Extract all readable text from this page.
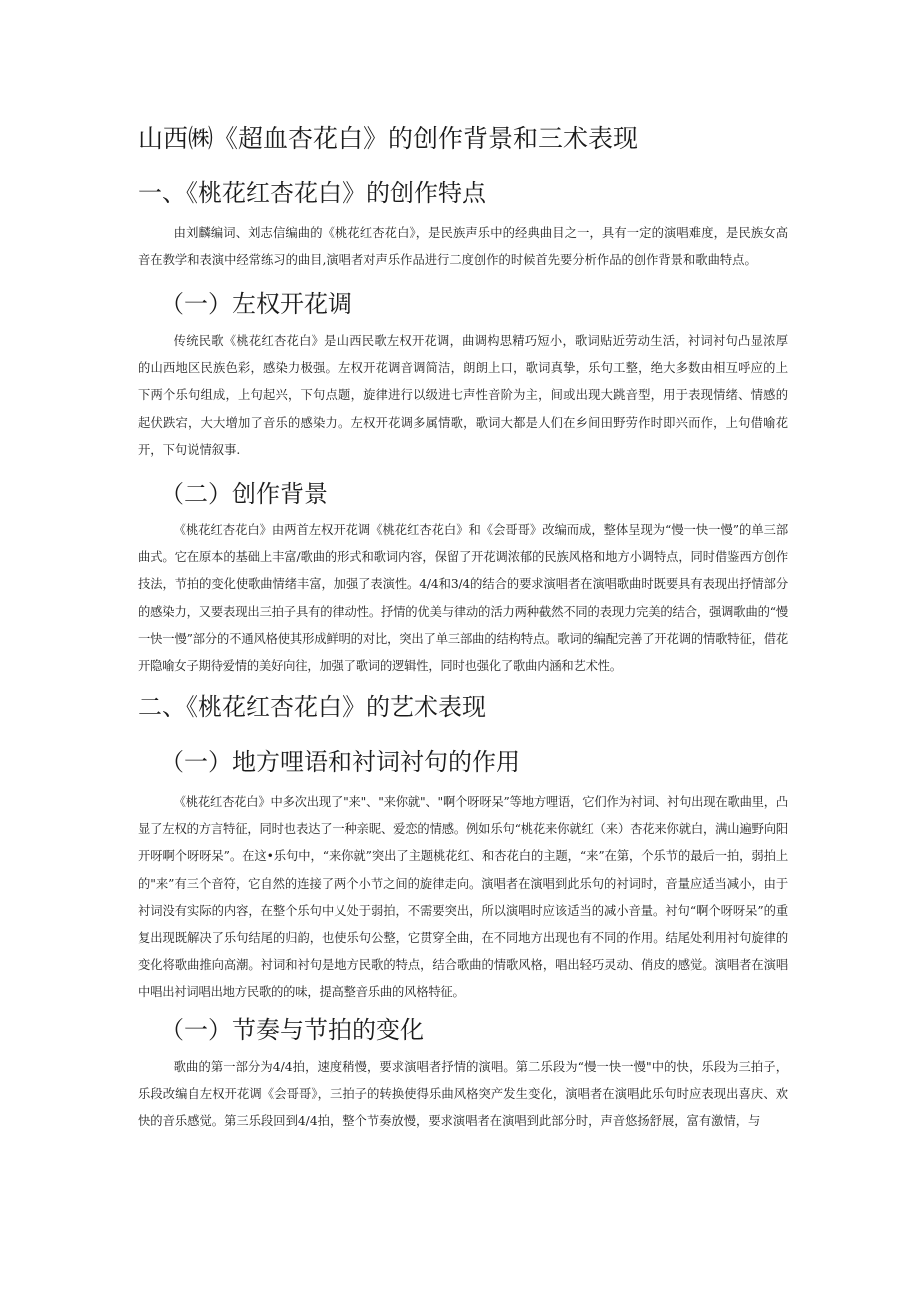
山西㈱《超血杏花白》的创作背景和三术表现
一、《桃花红杏花白》的创作特点
由刘麟编词、刘志信编曲的《桃花红杏花白》，是民族声乐中的经典曲目之一，具有一定的演唱难度，是民族女高音在教学和表演中经常练习的曲目,演唱者对声乐作品进行二度创作的时候首先要分析作品的创作背景和歌曲特点。
（一）左权开花调
传统民歌《桃花红杏花白》是山西民歌左权开花调，曲调构思精巧短小，歌词贴近劳动生活，衬词衬句凸显浓厚的山西地区民族色彩，感染力极强。左权开花调音调简洁，朗朗上口，歌词真挚，乐句工整，绝大多数由相互呼应的上下两个乐句组成，上句起兴，下句点题，旋律进行以级进七声性音阶为主，间或出现大跳音型，用于表现情绪、情感的起伏跌宕，大大增加了音乐的感染力。左权开花调多属情歌，歌词大都是人们在乡间田野劳作时即兴而作，上句借喻花开，下句说情叙事.
（二）创作背景
《桃花红杏花白》由两首左权开花调《桃花红杏花白》和《会哥哥》改编而成，整体呈现为“慢一快一慢”的单三部曲式。它在原本的基础上丰富/歌曲的形式和歌词内容，保留了开花调浓郁的民族风格和地方小调特点，同时借鉴西方创作技法，节拍的变化使歌曲情绪丰富，加强了表演性。4/4和3/4的结合的要求演唱者在演唱歌曲时既要具有表现出抒情部分的感染力，又要表现出三拍子具有的律动性。抒情的优美与律动的活力两种截然不同的表现力完美的结合，强调歌曲的“慢一快一慢”部分的不通风格使其形成鲜明的对比，突出了单三部曲的结构特点。歌词的编配完善了开花调的情歌特征，借花开隐喻女子期待爱情的美好向往，加强了歌词的逻辑性，同时也强化了歌曲内涵和艺术性。
二、《桃花红杏花白》的艺术表现
（一）地方哩语和衬词衬句的作用
《桃花红杏花白》中多次出现了"来"、"来你就"、"啊个呀呀呆”等地方哩语，它们作为衬词、衬句出现在歌曲里，凸显了左权的方言特征，同时也表达了一种亲昵、爱恋的情感。例如乐句“桃花来你就红（来）杏花来你就白，满山遍野向阳开呀啊个呀呀呆”。在这•乐句中，“来你就”突出了主题桃花红、和杏花白的主题，“来”在第，个乐节的最后一拍，弱拍上的"来”有三个音符，它自然的连接了两个小节之间的旋律走向。演唱者在演唱到此乐句的衬词时，音量应适当减小，由于衬词没有实际的内容，在整个乐句中乂处于弱拍，不需要突出，所以演唱时应该适当的减小音量。衬句“啊个呀呀呆”的重复出现既解决了乐句结尾的归韵，也使乐句公整，它贯穿全曲，在不同地方出现也有不同的作用。结尾处利用衬句旋律的变化将歌曲推向高潮。衬词和衬句是地方民歌的特点，结合歌曲的情歌风格，唱出轻巧灵动、俏皮的感觉。演唱者在演唱中唱出衬词唱出地方民歌的的味，提高整音乐曲的风格特征。
（一）节奏与节拍的变化
歌曲的第一部分为4/4拍，速度稍慢，要求演唱者抒情的演唱。第二乐段为“慢一快一慢"中的快，乐段为三拍子，乐段改编自左权开花调《会哥哥》，三拍子的转换使得乐曲风格突产发生变化，演唱者在演唱此乐句时应表现出喜庆、欢快的音乐感觉。第三乐段回到4/4拍，整个节奏放慢，要求演唱者在演唱到此部分时，声音悠扬舒展，富有激情，与
